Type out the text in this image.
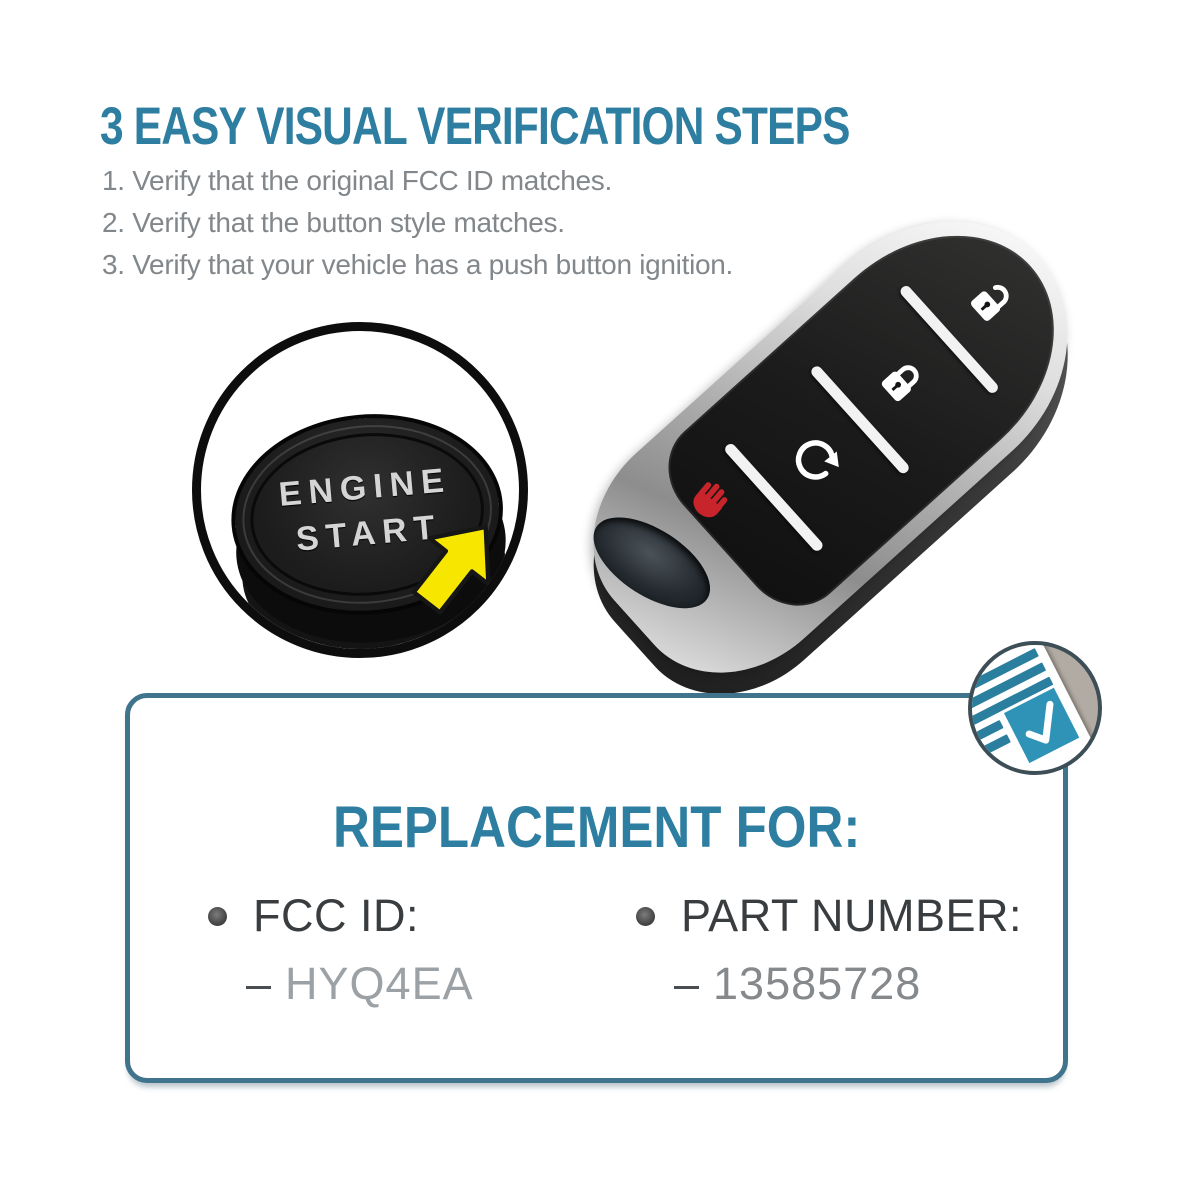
3 EASY VISUAL VERIFICATION STEPS
1. Verify that the original FCC ID matches.
2. Verify that the button style matches.
3. Verify that your vehicle has a push button ignition.
ENGINE
START
REPLACEMENT FOR:
FCC ID:
– HYQ4EA
PART NUMBER:
– 13585728
